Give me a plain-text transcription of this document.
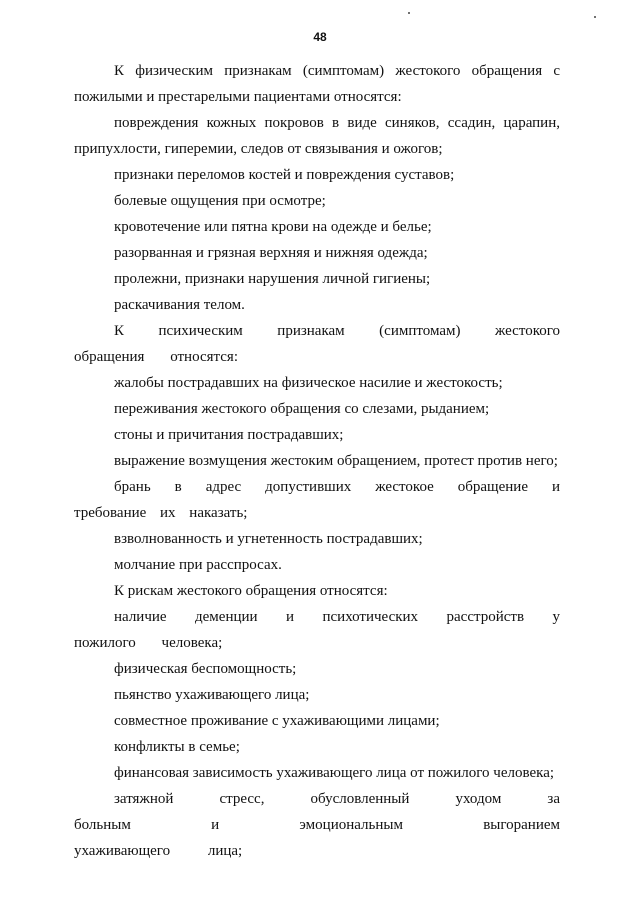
48

К физическим признакам (симптомам) жестокого обращения с пожилыми и престарелыми пациентами относятся:

повреждения кожных покровов в виде синяков, ссадин, царапин, припухлости, гиперемии, следов от связывания и ожогов;

признаки переломов костей и повреждения суставов;

болевые ощущения при осмотре;

кровотечение или пятна крови на одежде и белье;

разорванная и грязная верхняя и нижняя одежда;

пролежни, признаки нарушения личной гигиены;

раскачивания телом.

К психическим признакам (симптомам) жестокого обращения относятся:

жалобы пострадавших на физическое насилие и жестокость;

переживания жестокого обращения со слезами, рыданием;

стоны и причитания пострадавших;

выражение возмущения жестоким обращением, протест против него;

брань в адрес допустивших жестокое обращение и требование их наказать;

взволнованность и угнетенность пострадавших;

молчание при расспросах.

К рискам жестокого обращения относятся:

наличие деменции и психотических расстройств у пожилого человека;

физическая беспомощность;

пьянство ухаживающего лица;

совместное проживание с ухаживающими лицами;

конфликты в семье;

финансовая зависимость ухаживающего лица от пожилого человека;

затяжной стресс, обусловленный уходом за больным и эмоциональным выгоранием ухаживающего лица;
